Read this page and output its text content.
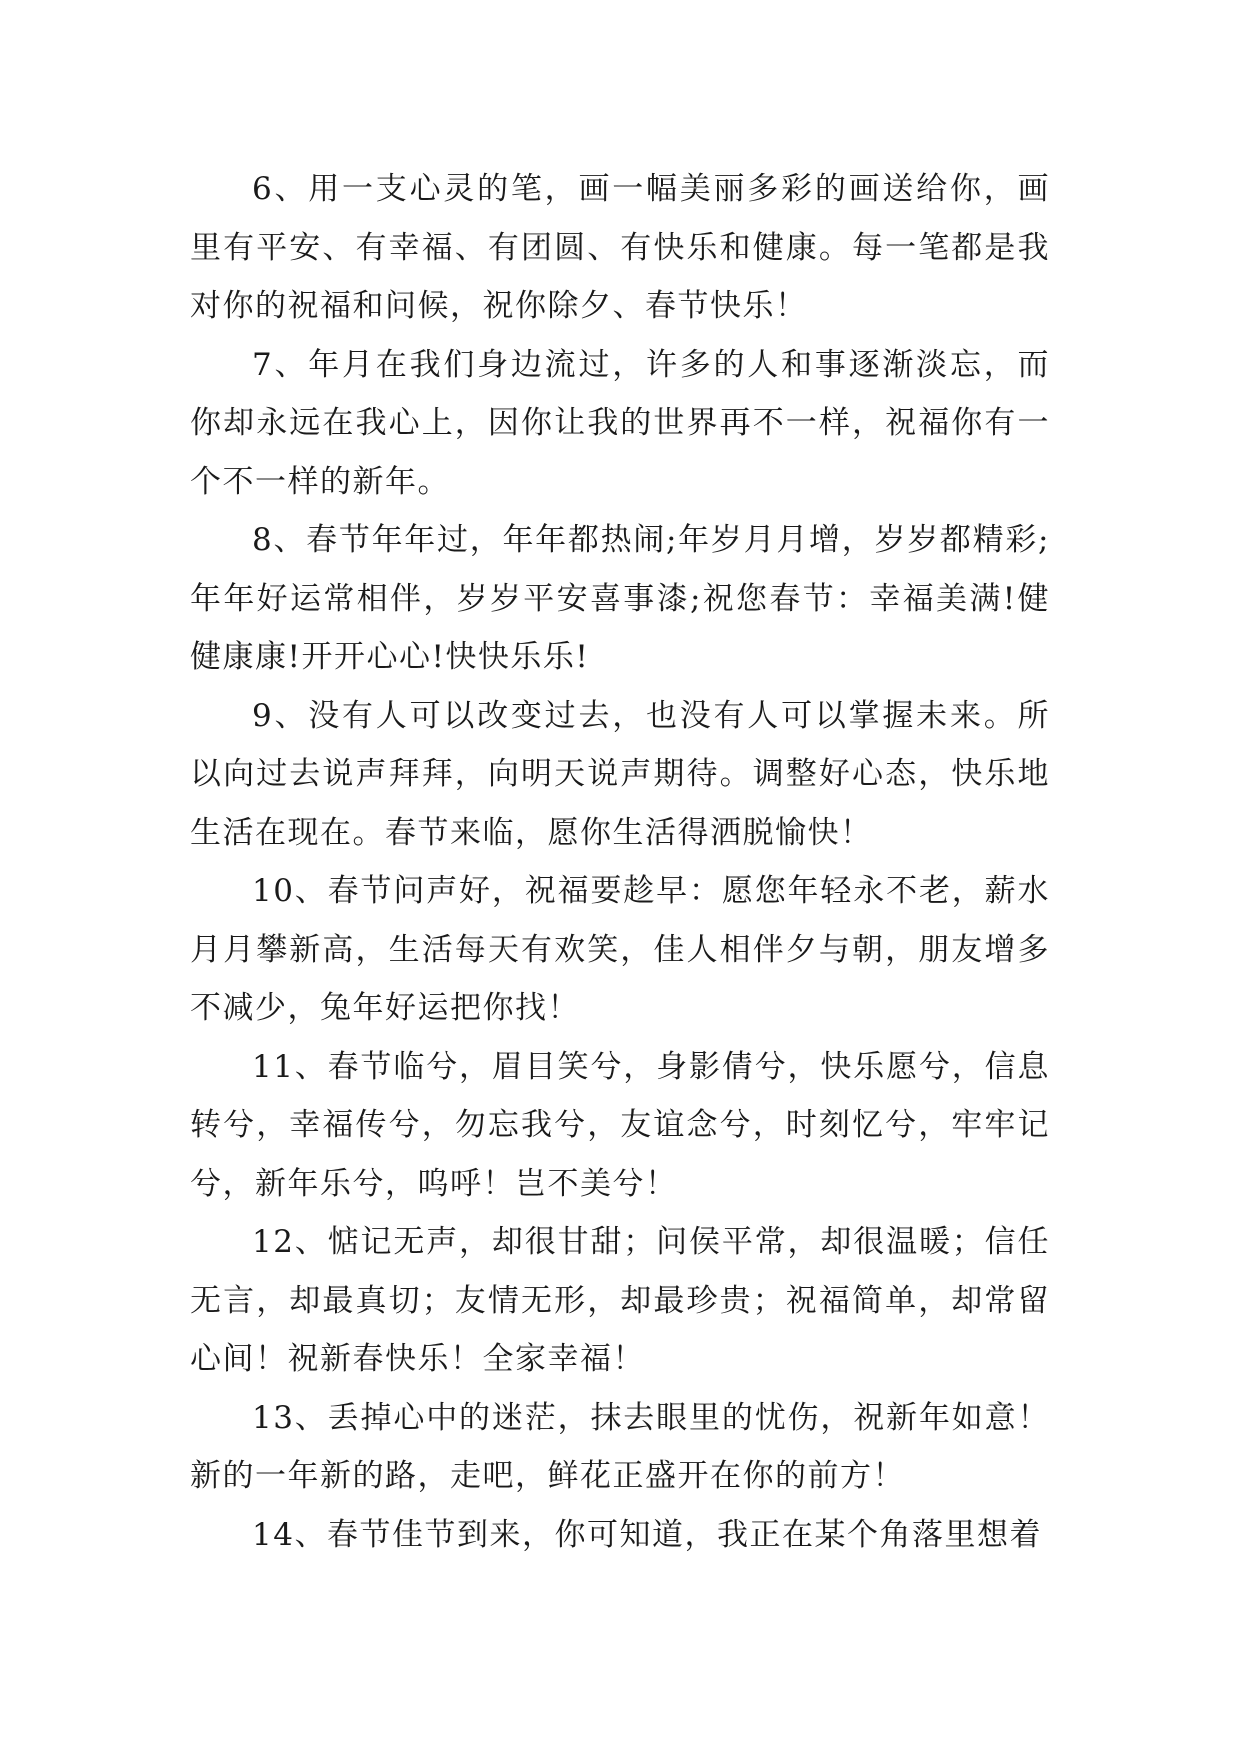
6、用一支心灵的笔，画一幅美丽多彩的画送给你，画里有平安、有幸福、有团圆、有快乐和健康。每一笔都是我对你的祝福和问候，祝你除夕、春节快乐！

7、年月在我们身边流过，许多的人和事逐渐淡忘，而你却永远在我心上，因你让我的世界再不一样，祝福你有一个不一样的新年。

8、春节年年过，年年都热闹;年岁月月增，岁岁都精彩;年年好运常相伴，岁岁平安喜事漆;祝您春节：幸福美满!健健康康!开开心心!快快乐乐!

9、没有人可以改变过去，也没有人可以掌握未来。所以向过去说声拜拜，向明天说声期待。调整好心态，快乐地生活在现在。春节来临，愿你生活得洒脱愉快！

10、春节问声好，祝福要趁早：愿您年轻永不老，薪水月月攀新高，生活每天有欢笑，佳人相伴夕与朝，朋友增多不减少，兔年好运把你找！

11、春节临兮，眉目笑兮，身影倩兮，快乐愿兮，信息转兮，幸福传兮，勿忘我兮，友谊念兮，时刻忆兮，牢牢记兮，新年乐兮，呜呼！岂不美兮！

12、惦记无声，却很甘甜；问侯平常，却很温暖；信任无言，却最真切；友情无形，却最珍贵；祝福简单，却常留心间！祝新春快乐！全家幸福！

13、丢掉心中的迷茫，抹去眼里的忧伤，祝新年如意！新的一年新的路，走吧，鲜花正盛开在你的前方！

14、春节佳节到来，你可知道，我正在某个角落里想着
